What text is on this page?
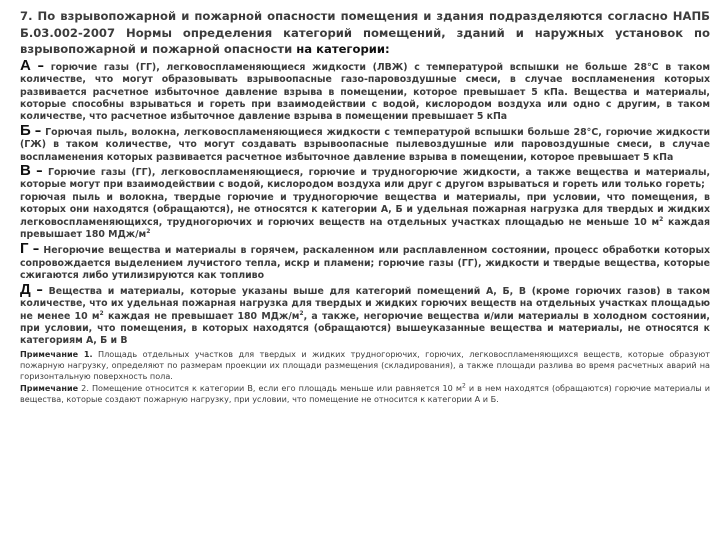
7. По взрывопожарной и пожарной опасности помещения и здания подразделяются согласно НАПБ Б.03.002-2007 Нормы определения категорий помещений, зданий и наружных установок по взрывопожарной и пожарной опасности на категории:

А – горючие газы (ГГ), легковоспламеняющиеся жидкости (ЛВЖ) с температурой вспышки не больше 28°С в таком количестве, что могут образовывать взрывоопасные газо-паровоздушные смеси, в случае воспламенения которых развивается расчетное избыточное давление взрыва в помещении, которое превышает 5 кПа. Вещества и материалы, которые способны взрываться и гореть при взаимодействии с водой, кислородом воздуха или одно с другим, в таком количестве, что расчетное избыточное давление взрыва в помещении превышает 5 кПа

Б – Горючая пыль, волокна, легковоспламеняющиеся жидкости с температурой вспышки больше 28°С, горючие жидкости (ГЖ) в таком количестве, что могут создавать взрывоопасные пылевоздушные или паровоздушные смеси, в случае воспламенения которых развивается расчетное избыточное давление взрыва в помещении, которое превышает 5 кПа

В – Горючие газы (ГГ), легковоспламеняющиеся, горючие и трудногорючие жидкости, а также вещества и материалы, которые могут при взаимодействии с водой, кислородом воздуха или друг с другом взрываться и гореть или только гореть;

горючая пыль и волокна, твердые горючие и трудногорючие вещества и материалы, при условии, что помещения, в которых они находятся (обращаются), не относятся к категории А, Б и удельная пожарная нагрузка для твердых и жидких легковоспламеняющихся, трудногорючих и горючих веществ на отдельных участках площадью не меньше 10 $м^2$ каждая превышает 180 МДж/$м^2$

Г – Негорючие вещества и материалы в горячем, раскаленном или расплавленном состоянии, процесс обработки которых сопровождается выделением лучистого тепла, искр и пламени; горючие газы (ГГ), жидкости и твердые вещества, которые сжигаются либо утилизируются как топливо

Д – Вещества и материалы, которые указаны выше для категорий помещений А, Б, В (кроме горючих газов) в таком количестве, что их удельная пожарная нагрузка для твердых и жидких горючих веществ на отдельных участках площадью не менее 10 $м^2$ каждая не превышает 180 МДж/$м^2$, а также, негорючие вещества и/или материалы в холодном состоянии, при условии, что помещения, в которых находятся (обращаются) вышеуказанные вещества и материалы, не относятся к категориям А, Б и В

Примечание 1. Площадь отдельных участков для твердых и жидких трудногорючих, горючих, легковоспламеняющихся веществ, которые образуют пожарную нагрузку, определяют по размерам проекции их площади размещения (складирования), а также площади разлива во время расчетных аварий на горизонтальную поверхность пола.

Примечание 2. Помещение относится к категории В, если его площадь меньше или равняется 10 $м^2$ и в нем находятся (обращаются) горючие материалы и вещества, которые создают пожарную нагрузку, при условии, что помещение не относится к категории А и Б.
